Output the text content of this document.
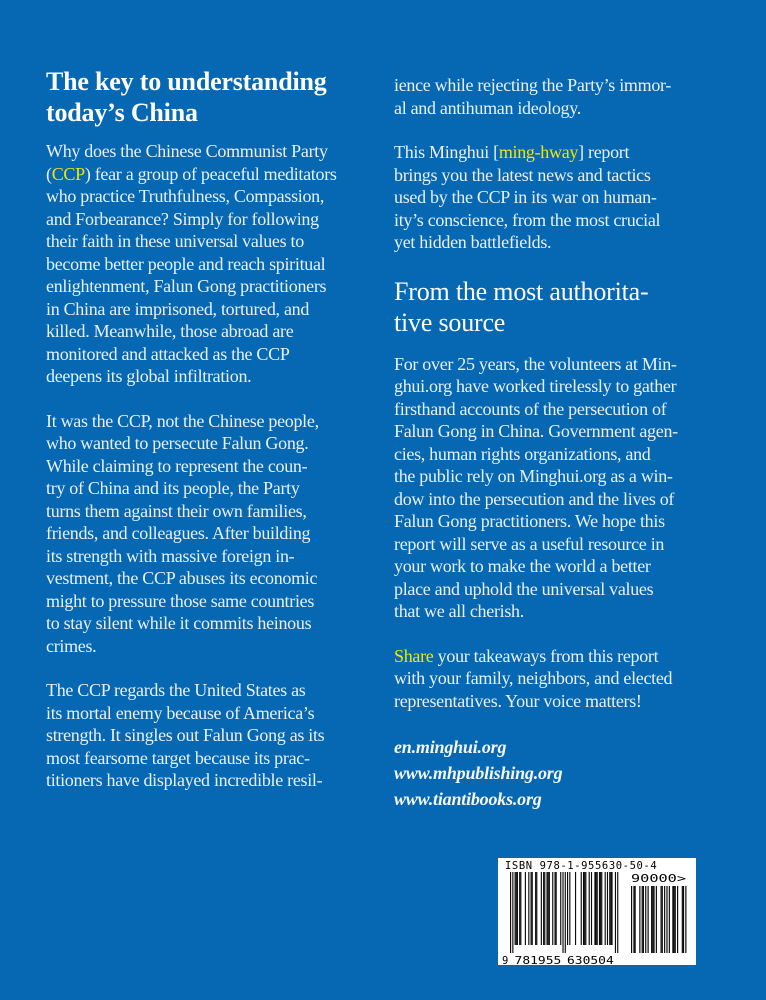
The key to understanding
today’s China

Why does the Chinese Communist Party
(CCP) fear a group of peaceful meditators
who practice Truthfulness, Compassion,
and Forbearance? Simply for following
their faith in these universal values to
become better people and reach spiritual
enlightenment, Falun Gong practitioners
in China are imprisoned, tortured, and
killed. Meanwhile, those abroad are
monitored and attacked as the CCP
deepens its global infiltration.

It was the CCP, not the Chinese people,
who wanted to persecute Falun Gong.
While claiming to represent the coun-
try of China and its people, the Party
turns them against their own families,
friends, and colleagues. After building
its strength with massive foreign in-
vestment, the CCP abuses its economic
might to pressure those same countries
to stay silent while it commits heinous
crimes.

The CCP regards the United States as
its mortal enemy because of America’s
strength. It singles out Falun Gong as its
most fearsome target because its prac-
titioners have displayed incredible resil-

ience while rejecting the Party’s immor-
al and antihuman ideology.

This Minghui [ming-hway] report
brings you the latest news and tactics
used by the CCP in its war on human-
ity’s conscience, from the most crucial
yet hidden battlefields.

From the most authorita-
tive source

For over 25 years, the volunteers at Min-
ghui.org have worked tirelessly to gather
firsthand accounts of the persecution of
Falun Gong in China. Government agen-
cies, human rights organizations, and
the public rely on Minghui.org as a win-
dow into the persecution and the lives of
Falun Gong practitioners. We hope this
report will serve as a useful resource in
your work to make the world a better
place and uphold the universal values
that we all cherish.

Share your takeaways from this report
with your family, neighbors, and elected
representatives. Your voice matters!

en.minghui.org
www.mhpublishing.org
www.tiantibooks.org
ISBN 978-1-955630-50-4
9 781955 630504
90000>
